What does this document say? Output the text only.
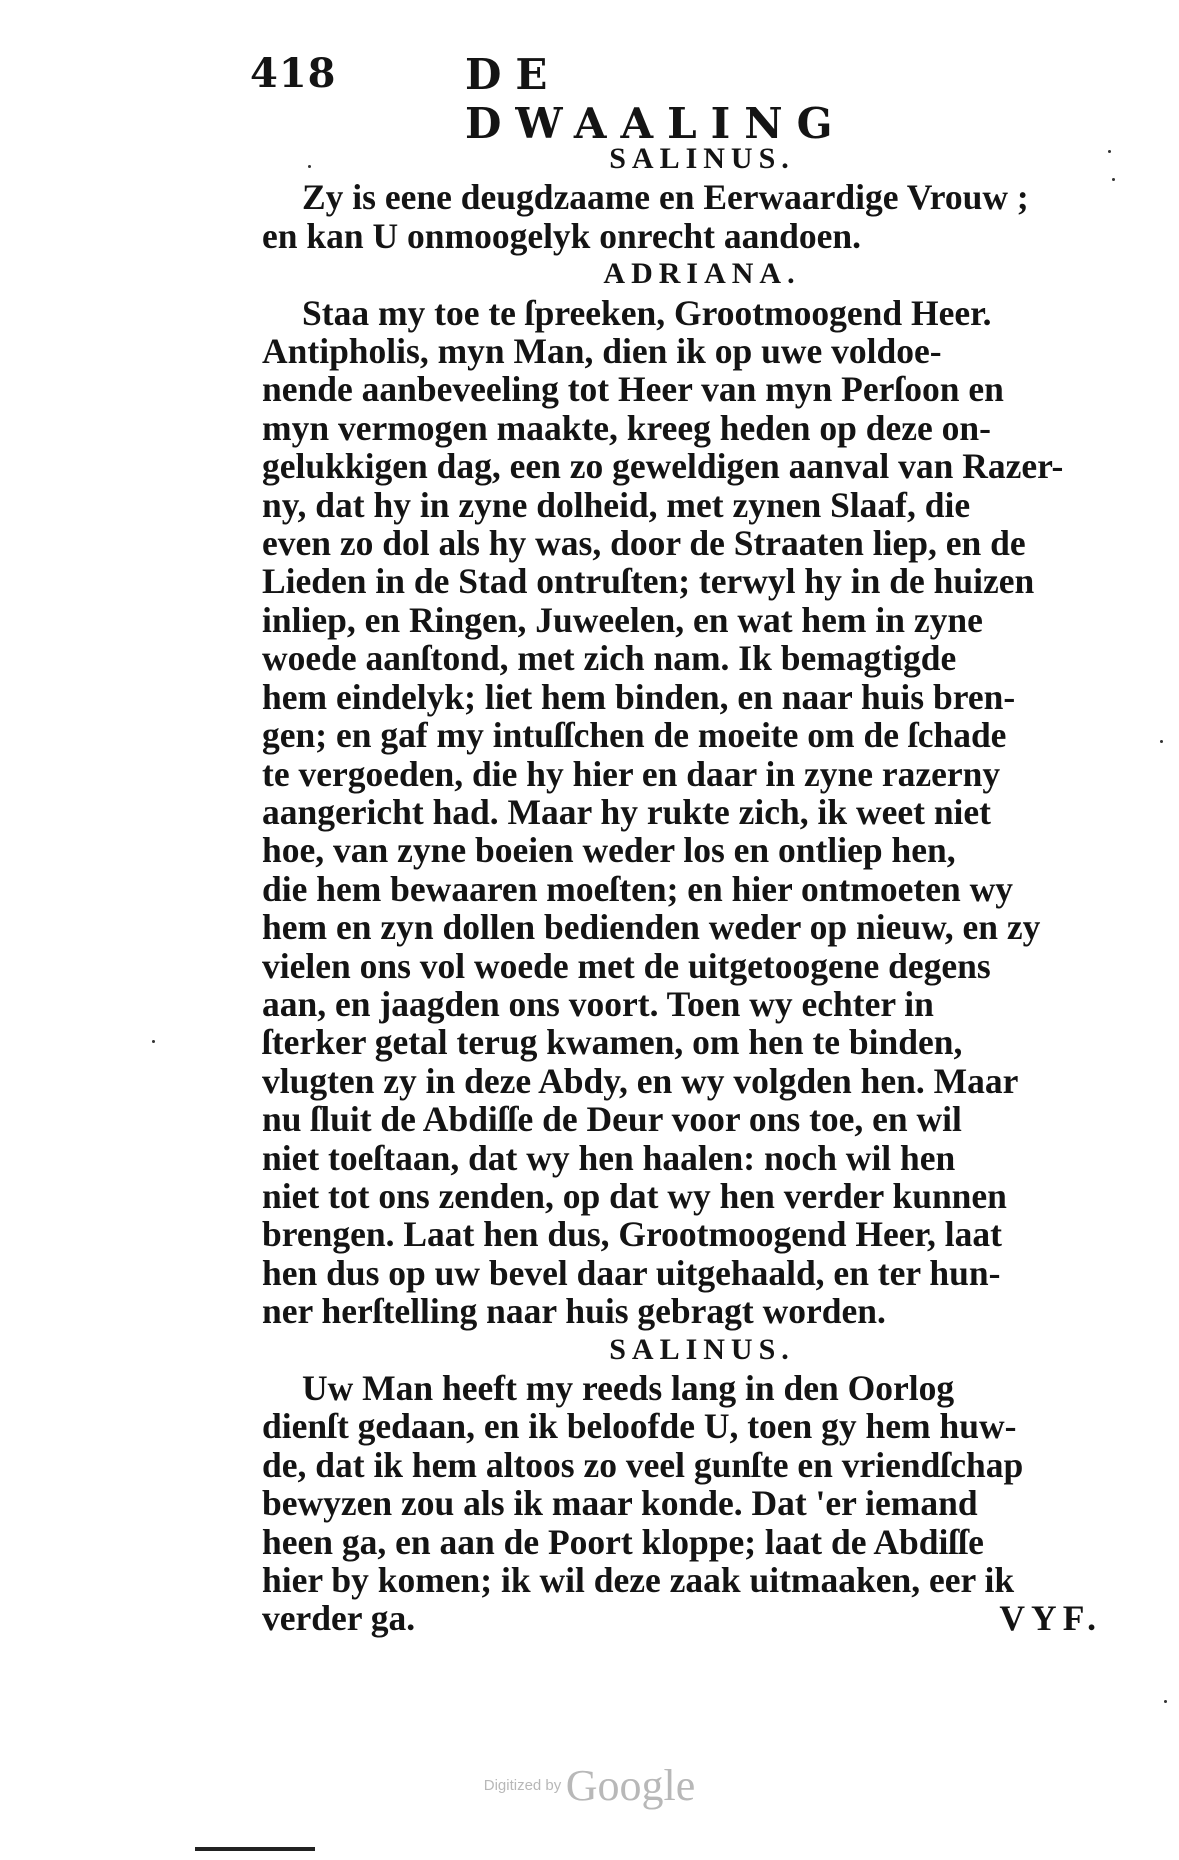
418	DE DWAALING
SALINUS.
Zy is eene deugdzaame en Eerwaardige Vrouw ;
en kan U onmoogelyk onrecht aandoen.
ADRIANA.
Staa my toe te ſpreeken, Grootmoogend Heer.
Antipholis, myn Man, dien ik op uwe voldoe-
nende aanbeveeling tot Heer van myn Perſoon en
myn vermogen maakte, kreeg heden op deze on-
gelukkigen dag, een zo geweldigen aanval van Razer-
ny, dat hy in zyne dolheid, met zynen Slaaf, die
even zo dol als hy was, door de Straaten liep, en de
Lieden in de Stad ontruſten; terwyl hy in de huizen
inliep, en Ringen, Juweelen, en wat hem in zyne
woede aanſtond, met zich nam. Ik bemagtigde
hem eindelyk; liet hem binden, en naar huis bren-
gen; en gaf my intuſſchen de moeite om de ſchade
te vergoeden, die hy hier en daar in zyne razerny
aangericht had. Maar hy rukte zich, ik weet niet
hoe, van zyne boeien weder los en ontliep hen,
die hem bewaaren moeſten; en hier ontmoeten wy
hem en zyn dollen bedienden weder op nieuw, en zy
vielen ons vol woede met de uitgetoogene degens
aan, en jaagden ons voort. Toen wy echter in
ſterker getal terug kwamen, om hen te binden,
vlugten zy in deze Abdy, en wy volgden hen. Maar
nu ſluit de Abdiſſe de Deur voor ons toe, en wil
niet toeſtaan, dat wy hen haalen: noch wil hen
niet tot ons zenden, op dat wy hen verder kunnen
brengen. Laat hen dus, Grootmoogend Heer, laat
hen dus op uw bevel daar uitgehaald, en ter hun-
ner herſtelling naar huis gebragt worden.
SALINUS.
Uw Man heeft my reeds lang in den Oorlog
dienſt gedaan, en ik beloofde U, toen gy hem huw-
de, dat ik hem altoos zo veel gunſte en vriendſchap
bewyzen zou als ik maar konde. Dat 'er iemand
heen ga, en aan de Poort kloppe; laat de Abdiſſe
hier by komen; ik wil deze zaak uitmaaken, eer ik
verder ga.	VYF.
Digitized by Google
